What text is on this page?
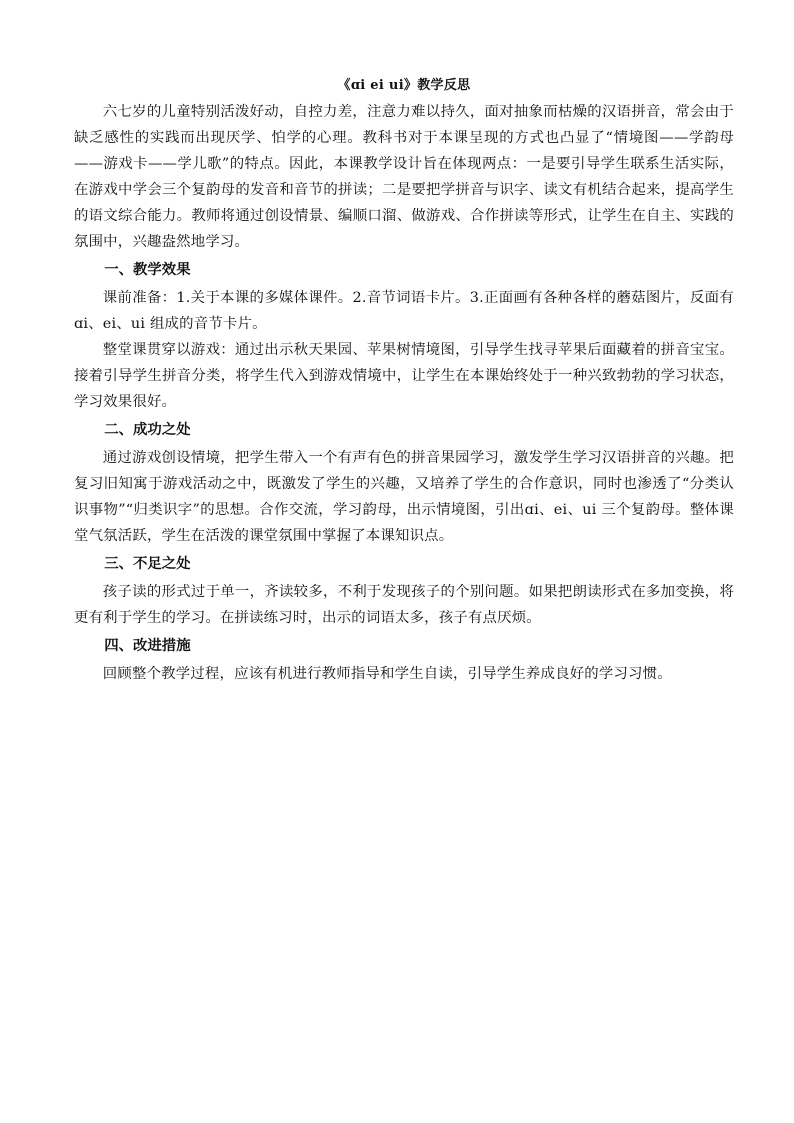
《ɑi ei ui》教学反思

六七岁的儿童特别活泼好动，自控力差，注意力难以持久，面对抽象而枯燥的汉语拼音，常会由于缺乏感性的实践而出现厌学、怕学的心理。教科书对于本课呈现的方式也凸显了“情境图——学韵母——游戏卡——学儿歌”的特点。因此，本课教学设计旨在体现两点：一是要引导学生联系生活实际，在游戏中学会三个复韵母的发音和音节的拼读；二是要把学拼音与识字、读文有机结合起来，提高学生的语文综合能力。教师将通过创设情景、编顺口溜、做游戏、合作拼读等形式，让学生在自主、实践的氛围中，兴趣盎然地学习。

一、教学效果

课前准备：1.关于本课的多媒体课件。2.音节词语卡片。3.正面画有各种各样的蘑菇图片，反面有 ɑi、ei、ui 组成的音节卡片。

整堂课贯穿以游戏：通过出示秋天果园、苹果树情境图，引导学生找寻苹果后面藏着的拼音宝宝。接着引导学生拼音分类，将学生代入到游戏情境中，让学生在本课始终处于一种兴致勃勃的学习状态，学习效果很好。

二、成功之处

通过游戏创设情境，把学生带入一个有声有色的拼音果园学习，激发学生学习汉语拼音的兴趣。把复习旧知寓于游戏活动之中，既激发了学生的兴趣，又培养了学生的合作意识，同时也渗透了“分类认识事物”“归类识字”的思想。合作交流，学习韵母，出示情境图，引出ɑi、ei、ui 三个复韵母。整体课堂气氛活跃，学生在活泼的课堂氛围中掌握了本课知识点。

三、不足之处

孩子读的形式过于单一，齐读较多，不利于发现孩子的个别问题。如果把朗读形式在多加变换，将更有利于学生的学习。在拼读练习时，出示的词语太多，孩子有点厌烦。

四、改进措施

回顾整个教学过程，应该有机进行教师指导和学生自读，引导学生养成良好的学习习惯。
